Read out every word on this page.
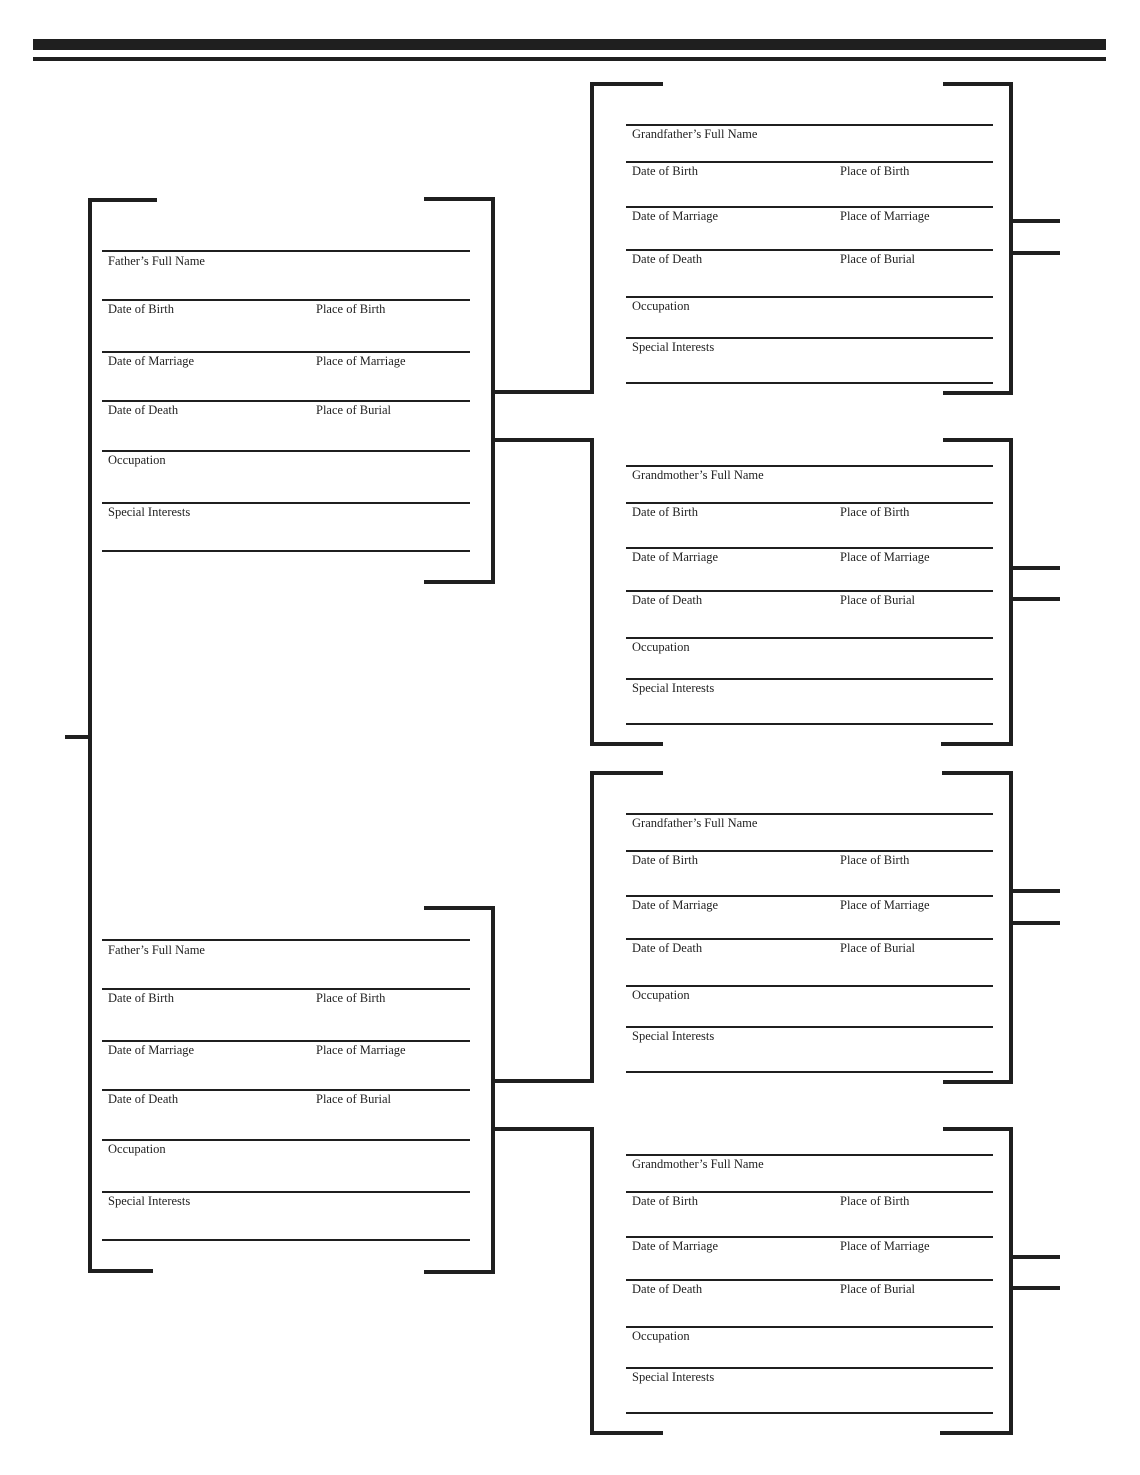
Father’s Full Name
Date of Birth	Place of Birth
Date of Marriage	Place of Marriage
Date of Death	Place of Burial
Occupation
Special Interests
Father’s Full Name
Date of Birth	Place of Birth
Date of Marriage	Place of Marriage
Date of Death	Place of Burial
Occupation
Special Interests
Grandfather’s Full Name
Date of Birth	Place of Birth
Date of Marriage	Place of Marriage
Date of Death	Place of Burial
Occupation
Special Interests
Grandmother’s Full Name
Date of Birth	Place of Birth
Date of Marriage	Place of Marriage
Date of Death	Place of Burial
Occupation
Special Interests
Grandfather’s Full Name
Date of Birth	Place of Birth
Date of Marriage	Place of Marriage
Date of Death	Place of Burial
Occupation
Special Interests
Grandmother’s Full Name
Date of Birth	Place of Birth
Date of Marriage	Place of Marriage
Date of Death	Place of Burial
Occupation
Special Interests
